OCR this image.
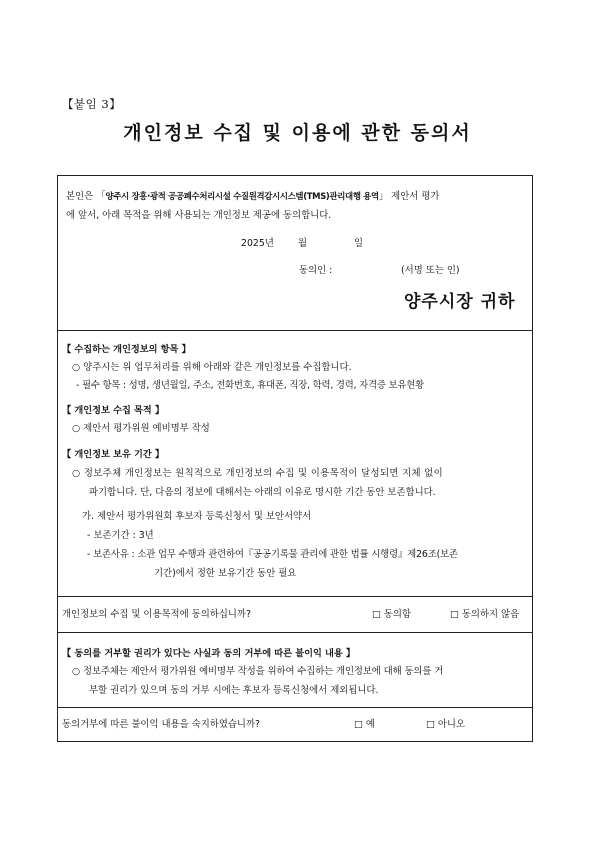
【붙임 3】
개인정보 수집 및 이용에 관한 동의서
본인은 「양주시 장흥·광적 공공폐수처리시설 수질원격감시시스템(TMS)관리대행 용역」 제안서 평가
에 앞서, 아래 목적을 위해 사용되는 개인정보 제공에 동의합니다.
2025년	월	일
동의인 :	(서명 또는 인)
양주시장 귀하
【 수집하는 개인정보의 항목 】
○ 양주시는 위 업무처리를 위해 아래와 같은 개인정보를 수집합니다.
- 필수 항목 : 성명, 생년월일, 주소, 전화번호, 휴대폰, 직장, 학력, 경력, 자격증 보유현황
【 개인정보 수집 목적 】
○ 제안서 평가위원 예비명부 작성
【 개인정보 보유 기간 】
○ 정보주체 개인정보는 원칙적으로 개인정보의 수집 및 이용목적이 달성되면 지체 없이
파기합니다. 단, 다음의 정보에 대해서는 아래의 이유로 명시한 기간 동안 보존합니다.
가. 제안서 평가위원회 후보자 등록신청서 및 보안서약서
- 보존기간 : 3년
- 보존사유 : 소관 업무 수행과 관련하여『공공기록물 관리에 관한 법률 시행령』제26조(보존
기간)에서 정한 보유기간 동안 필요
개인정보의 수집 및 이용목적에 동의하십니까?	□ 동의함	□ 동의하지 않음
【 동의를 거부할 권리가 있다는 사실과 동의 거부에 따른 불이익 내용 】
○ 정보주체는 제안서 평가위원 예비명부 작성을 위하여 수집하는 개인정보에 대해 동의를 거
부할 권리가 있으며 동의 거부 시에는 후보자 등록신청에서 제외됩니다.
동의거부에 따른 불이익 내용을 숙지하였습니까?	□ 예	□ 아니오
